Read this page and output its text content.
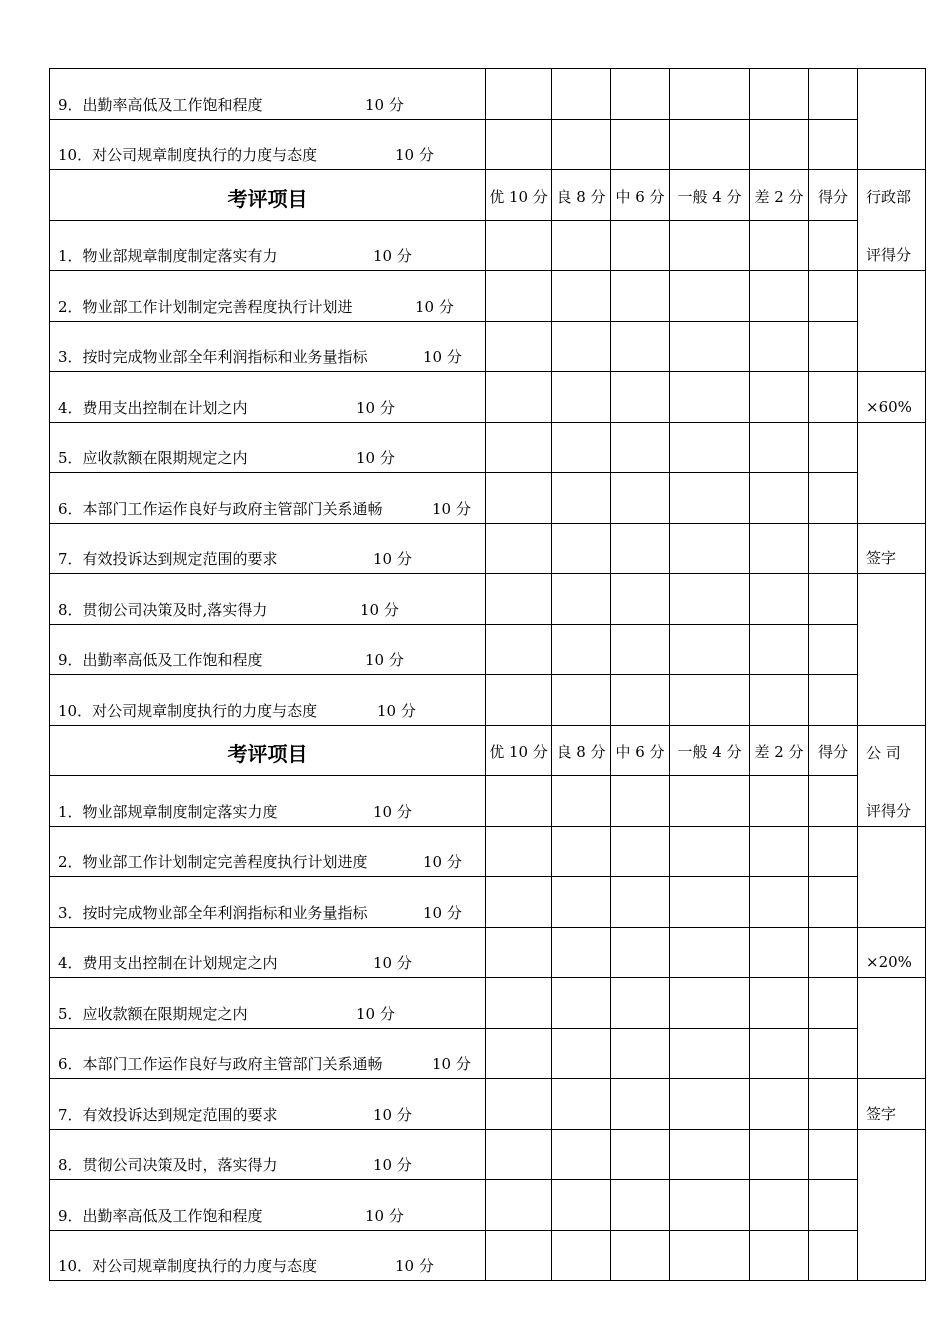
9．出勤率高低及工作饱和程度 10 分							

10．对公司规章制度执行的力度与态度 10 分							

考评项目	优 10 分	良 8 分	中 6 分	一般 4 分	差 2 分	得分	行政部

1．物业部规章制度制定落实有力 10 分							评得分

2．物业部工作计划制定完善程度执行计划进 10 分							

3．按时完成物业部全年利润指标和业务量指标 10 分							

4．费用支出控制在计划之内 10 分							×60%

5．应收款额在限期规定之内 10 分							

6．本部门工作运作良好与政府主管部门关系通畅 10 分							

7．有效投诉达到规定范围的要求 10 分							签字

8．贯彻公司决策及时,落实得力 10 分							

9．出勤率高低及工作饱和程度 10 分							

10．对公司规章制度执行的力度与态度 10 分							

考评项目	优 10 分	良 8 分	中 6 分	一般 4 分	差 2 分	得分	公 司

1．物业部规章制度制定落实力度 10 分							评得分

2．物业部工作计划制定完善程度执行计划进度 10 分							

3．按时完成物业部全年利润指标和业务量指标 10 分							

4．费用支出控制在计划规定之内 10 分							×20%

5．应收款额在限期规定之内 10 分							

6．本部门工作运作良好与政府主管部门关系通畅 10 分							

7．有效投诉达到规定范围的要求 10 分							签字

8．贯彻公司决策及时，落实得力 10 分							

9．出勤率高低及工作饱和程度 10 分							

10．对公司规章制度执行的力度与态度 10 分							
